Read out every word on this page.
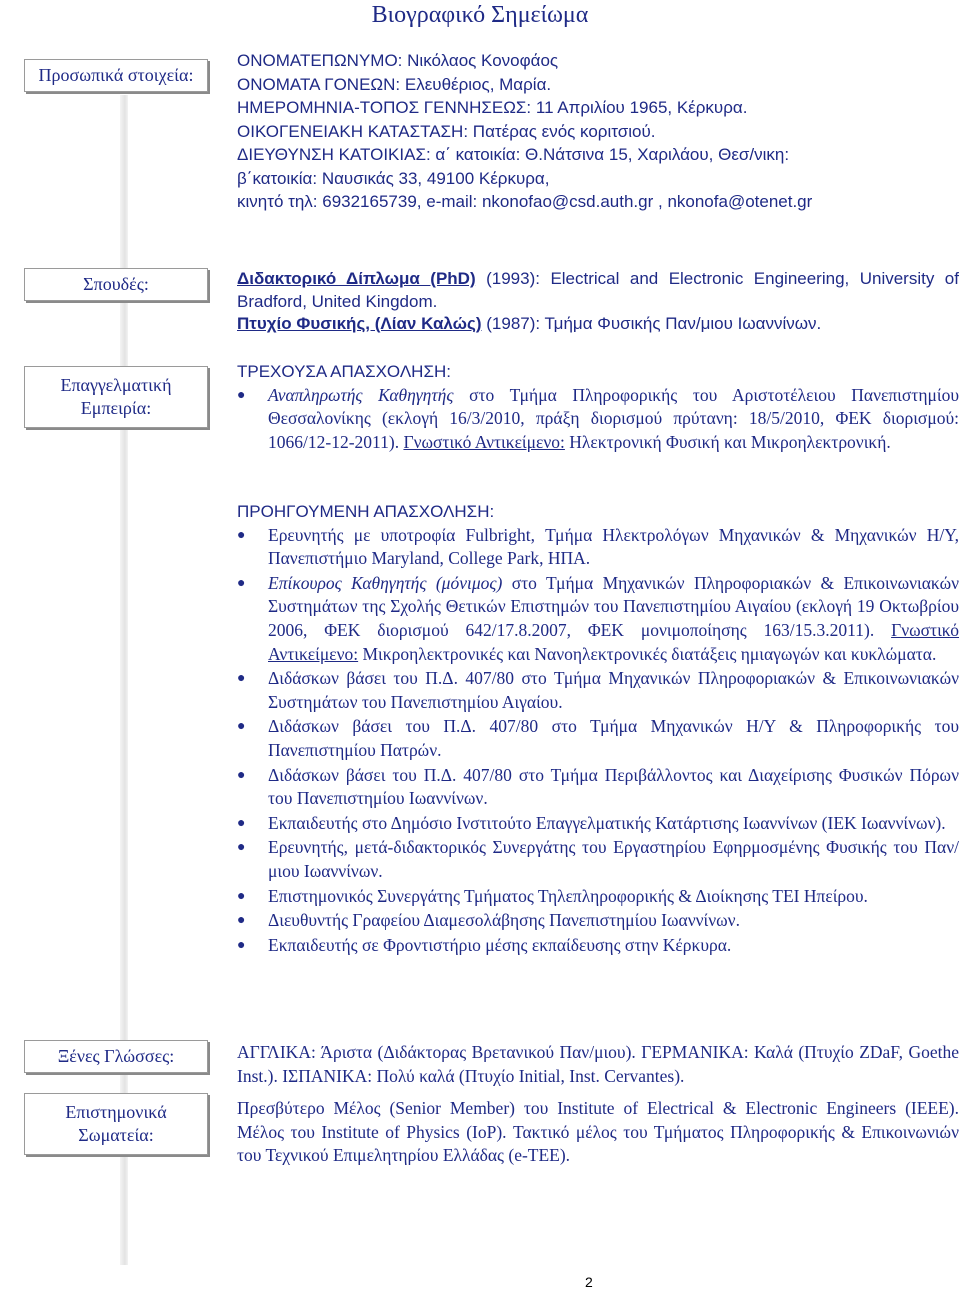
Βιογραφικό Σημείωμα
Προσωπικά στοιχεία:
Σπουδές:
Επαγγελματική Εμπειρία:
Ξένες Γλώσσες:
Επιστημονικά Σωματεία:
ΟΝΟΜΑΤΕΠΩΝΥΜΟ: Νικόλαος Κονοφάος
ΟΝΟΜΑΤΑ ΓΟΝΕΩΝ: Ελευθέριος, Μαρία.
ΗΜΕΡΟΜΗΝΙΑ-ΤΟΠΟΣ ΓΕΝΝΗΣΕΩΣ: 11 Απριλίου 1965, Κέρκυρα.
ΟΙΚΟΓΕΝΕΙΑΚΗ ΚΑΤΑΣΤΑΣΗ: Πατέρας ενός κοριτσιού.
ΔΙΕΥΘΥΝΣΗ ΚΑΤΟΙΚΙΑΣ: α΄ κατοικία: Θ.Νάτσινα 15, Χαριλάου, Θεσ/νικη:
β΄κατοικία: Ναυσικάς 33, 49100 Κέρκυρα,
κινητό τηλ: 6932165739, e-mail: nkonofao@csd.auth.gr , nkonofa@otenet.gr
Διδακτορικό Δίπλωμα (PhD) (1993): Electrical and Electronic Engineering, University of Bradford, United Kingdom.
Πτυχίο Φυσικής, (Λίαν Καλώς) (1987): Τμήμα Φυσικής Παν/μιου Ιωαννίνων.
ΤΡΕΧΟΥΣΑ ΑΠΑΣΧΟΛΗΣΗ:
● Αναπληρωτής Καθηγητής στο Τμήμα Πληροφορικής του Αριστοτέλειου Πανεπιστημίου Θεσσαλονίκης (εκλογή 16/3/2010, πράξη διορισμού πρύτανη: 18/5/2010, ΦΕΚ διορισμού: 1066/12-12-2011). Γνωστικό Αντικείμενο: Ηλεκτρονική Φυσική και Μικροηλεκτρονική.
ΠΡΟΗΓΟΥΜΕΝΗ ΑΠΑΣΧΟΛΗΣΗ:
● Ερευνητής με υποτροφία Fulbright, Τμήμα Ηλεκτρολόγων Μηχανικών & Μηχανικών Η/Υ, Πανεπιστήμιο Maryland, College Park, ΗΠΑ.
● Επίκουρος Καθηγητής (μόνιμος) στο Τμήμα Μηχανικών Πληροφοριακών & Επικοινωνιακών Συστημάτων της Σχολής Θετικών Επιστημών του Πανεπιστημίου Αιγαίου (εκλογή 19 Οκτωβρίου 2006, ΦΕΚ διορισμού 642/17.8.2007, ΦΕΚ μονιμοποίησης 163/15.3.2011). Γνωστικό Αντικείμενο: Μικροηλεκτρονικές και Νανοηλεκτρονικές διατάξεις ημιαγωγών και κυκλώματα.
● Διδάσκων βάσει του Π.Δ. 407/80 στο Τμήμα Μηχανικών Πληροφοριακών & Επικοινωνιακών Συστημάτων του Πανεπιστημίου Αιγαίου.
● Διδάσκων βάσει του Π.Δ. 407/80 στο Τμήμα Μηχανικών Η/Υ & Πληροφορικής του Πανεπιστημίου Πατρών.
● Διδάσκων βάσει του Π.Δ. 407/80 στο Τμήμα Περιβάλλοντος και Διαχείρισης Φυσικών Πόρων του Πανεπιστημίου Ιωαννίνων.
● Εκπαιδευτής στο Δημόσιο Ινστιτούτο Επαγγελματικής Κατάρτισης Ιωαννίνων (ΙΕΚ Ιωαννίνων).
● Ερευνητής, μετά-διδακτορικός Συνεργάτης του Εργαστηρίου Εφηρμοσμένης Φυσικής του Παν/μιου Ιωαννίνων.
● Επιστημονικός Συνεργάτης Τμήματος Τηλεπληροφορικής & Διοίκησης ΤΕΙ Ηπείρου.
● Διευθυντής Γραφείου Διαμεσολάβησης Πανεπιστημίου Ιωαννίνων.
● Εκπαιδευτής σε Φροντιστήριο μέσης εκπαίδευσης στην Κέρκυρα.
ΑΓΓΛΙΚΑ: Άριστα (Διδάκτορας Βρετανικού Παν/μιου). ΓΕΡΜΑΝΙΚΑ: Καλά (Πτυχίο ZDaF, Goethe Inst.). ΙΣΠΑΝΙΚΑ: Πολύ καλά (Πτυχίο Initial, Inst. Cervantes).
Πρεσβύτερο Μέλος (Senior Member) του Institute of Electrical & Electronic Engineers (IEEE). Μέλος του Institute of Physics (IoP). Τακτικό μέλος του Τμήματος Πληροφορικής & Επικοινωνιών του Τεχνικού Επιμελητηρίου Ελλάδας (e-TEE).
2
